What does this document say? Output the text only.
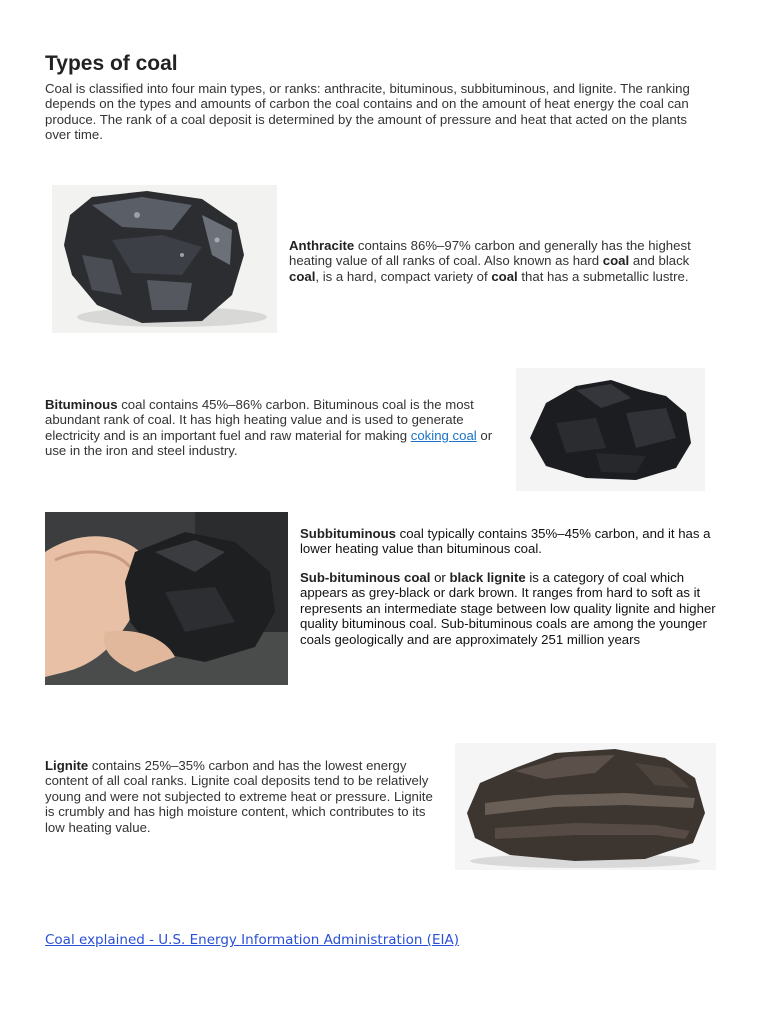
Types of coal

Coal is classified into four main types, or ranks: anthracite, bituminous, subbituminous, and lignite. The ranking depends on the types and amounts of carbon the coal contains and on the amount of heat energy the coal can produce. The rank of a coal deposit is determined by the amount of pressure and heat that acted on the plants over time.

Anthracite contains 86%–97% carbon and generally has the highest heating value of all ranks of coal. Also known as hard coal and black coal, is a hard, compact variety of coal that has a submetallic lustre.

Bituminous coal contains 45%–86% carbon. Bituminous coal is the most abundant rank of coal. It has high heating value and is used to generate electricity and is an important fuel and raw material for making coking coal or use in the iron and steel industry.

Subbituminous coal typically contains 35%–45% carbon, and it has a lower heating value than bituminous coal.

Sub-bituminous coal or black lignite is a category of coal which appears as grey-black or dark brown. It ranges from hard to soft as it represents an intermediate stage between low quality lignite and higher quality bituminous coal. Sub-bituminous coals are among the younger coals geologically and are approximately 251 million years

Lignite contains 25%–35% carbon and has the lowest energy content of all coal ranks. Lignite coal deposits tend to be relatively young and were not subjected to extreme heat or pressure. Lignite is crumbly and has high moisture content, which contributes to its low heating value.

Coal explained - U.S. Energy Information Administration (EIA)
